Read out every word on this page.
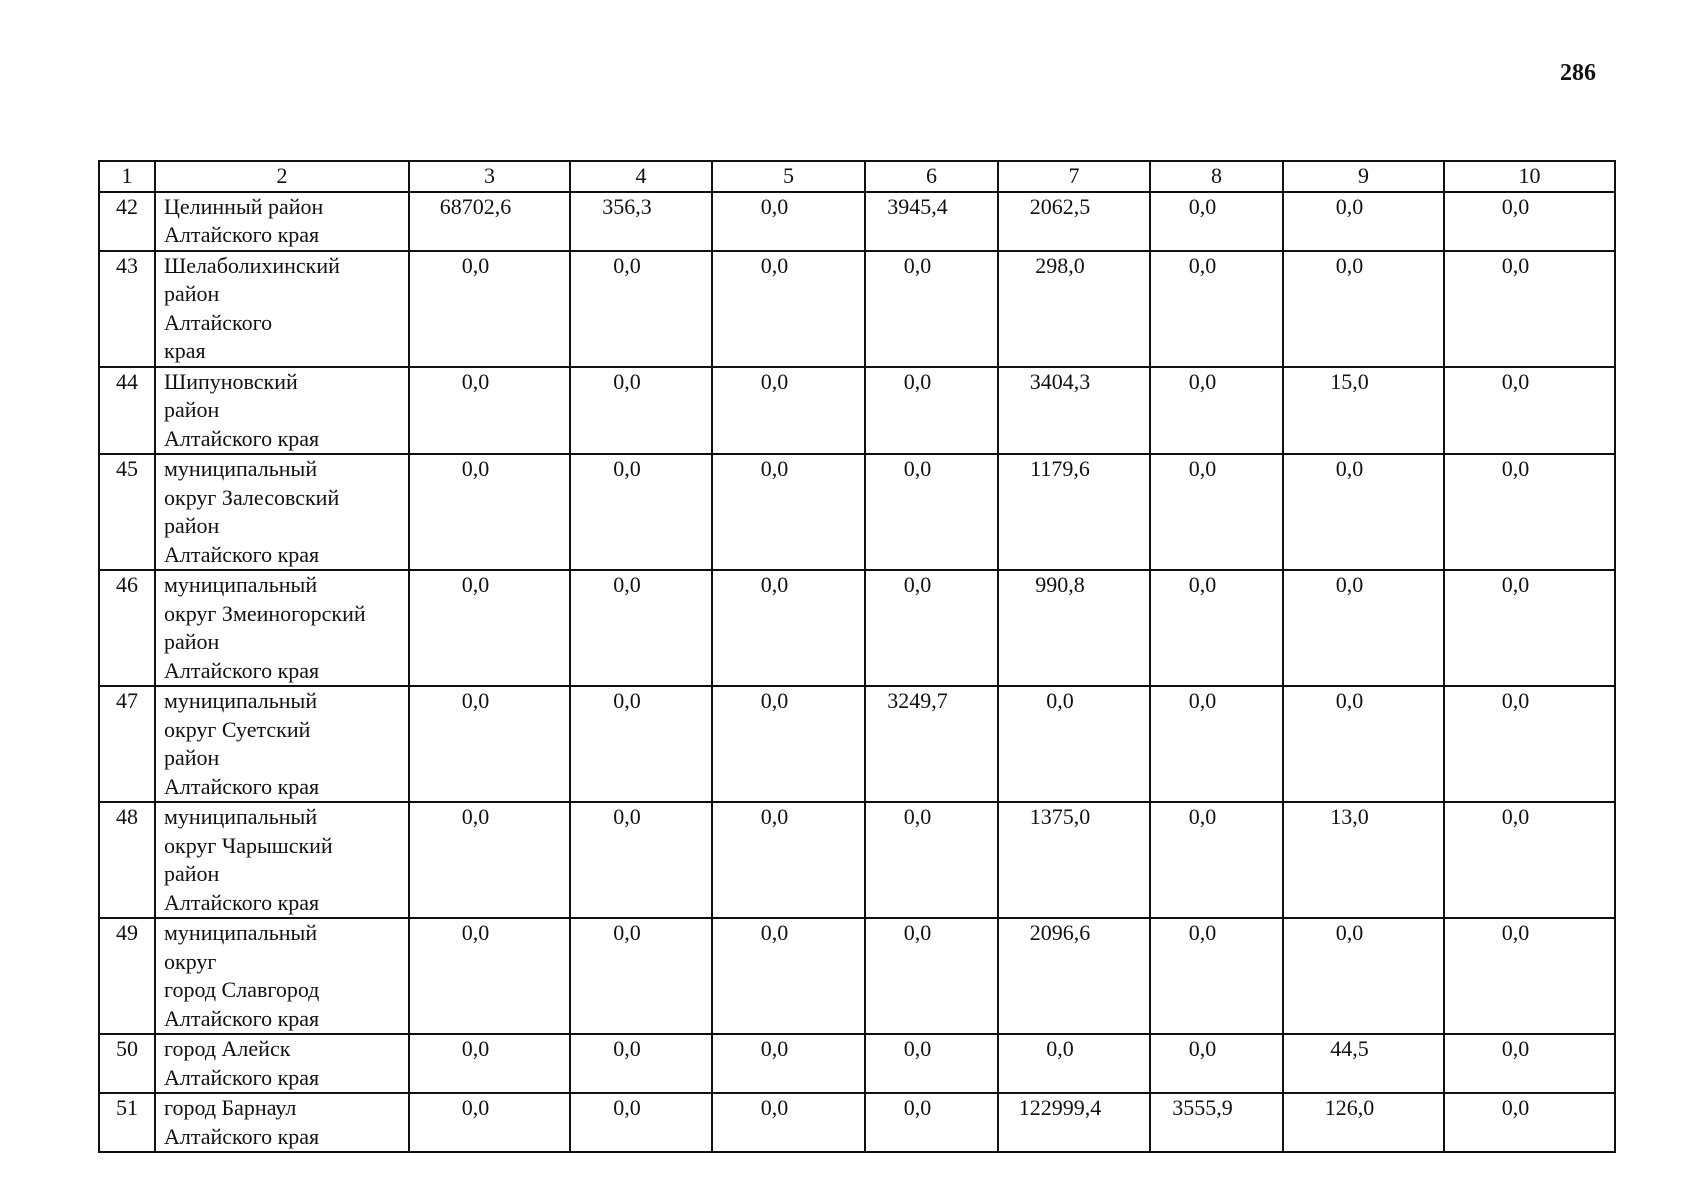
286
1	2	3	4	5	6	7	8	9	10
42	Целинный район
Алтайского края	68702,6	356,3	0,0	3945,4	2062,5	0,0	0,0	0,0
43	Шелаболихинский
район
Алтайского
края	0,0	0,0	0,0	0,0	298,0	0,0	0,0	0,0
44	Шипуновский
район
Алтайского края	0,0	0,0	0,0	0,0	3404,3	0,0	15,0	0,0
45	муниципальный
округ Залесовский
район
Алтайского края	0,0	0,0	0,0	0,0	1179,6	0,0	0,0	0,0
46	муниципальный
округ Змеиногорский
район
Алтайского края	0,0	0,0	0,0	0,0	990,8	0,0	0,0	0,0
47	муниципальный
округ Суетский
район
Алтайского края	0,0	0,0	0,0	3249,7	0,0	0,0	0,0	0,0
48	муниципальный
округ Чарышский
район
Алтайского края	0,0	0,0	0,0	0,0	1375,0	0,0	13,0	0,0
49	муниципальный
округ
город Славгород
Алтайского края	0,0	0,0	0,0	0,0	2096,6	0,0	0,0	0,0
50	город Алейск
Алтайского края	0,0	0,0	0,0	0,0	0,0	0,0	44,5	0,0
51	город Барнаул
Алтайского края	0,0	0,0	0,0	0,0	122999,4	3555,9	126,0	0,0
